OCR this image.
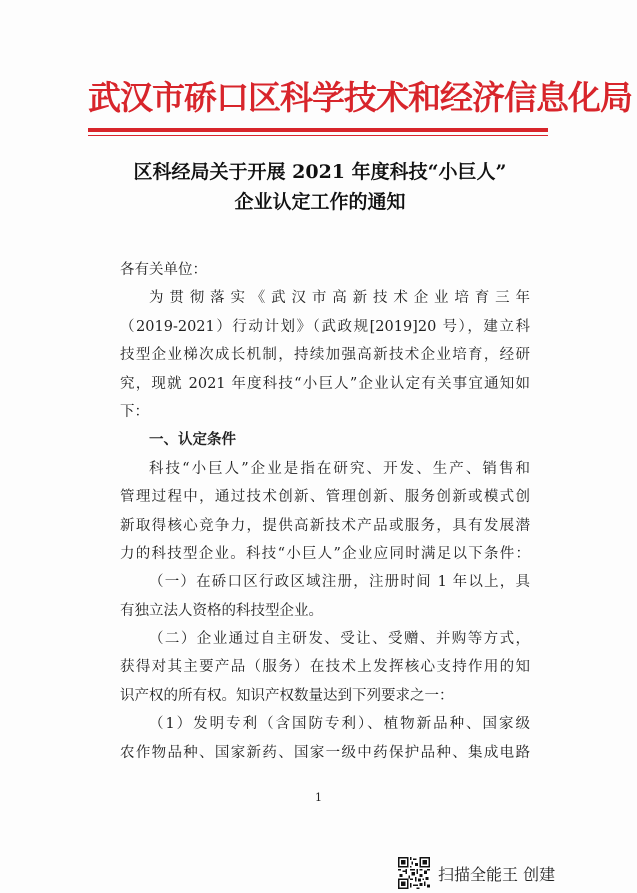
武汉市硚口区科学技术和经济信息化局
区科经局关于开展 2021 年度科技“小巨人”
企业认定工作的通知
各有关单位：
为贯彻落实《武汉市高新技术企业培育三年
（2019-2021）行动计划》（武政规[2019]20 号），建立科
技型企业梯次成长机制，持续加强高新技术企业培育，经研
究，现就 2021 年度科技“小巨人”企业认定有关事宜通知如
下：
一、认定条件
科技“小巨人”企业是指在研究、开发、生产、销售和
管理过程中，通过技术创新、管理创新、服务创新或模式创
新取得核心竞争力，提供高新技术产品或服务，具有发展潜
力的科技型企业。科技“小巨人”企业应同时满足以下条件：
（一）在硚口区行政区域注册，注册时间 1 年以上，具
有独立法人资格的科技型企业。
（二）企业通过自主研发、受让、受赠、并购等方式，
获得对其主要产品（服务）在技术上发挥核心支持作用的知
识产权的所有权。知识产权数量达到下列要求之一：
（1）发明专利（含国防专利）、植物新品种、国家级
农作物品种、国家新药、国家一级中药保护品种、集成电路
1
扫描全能王 创建
